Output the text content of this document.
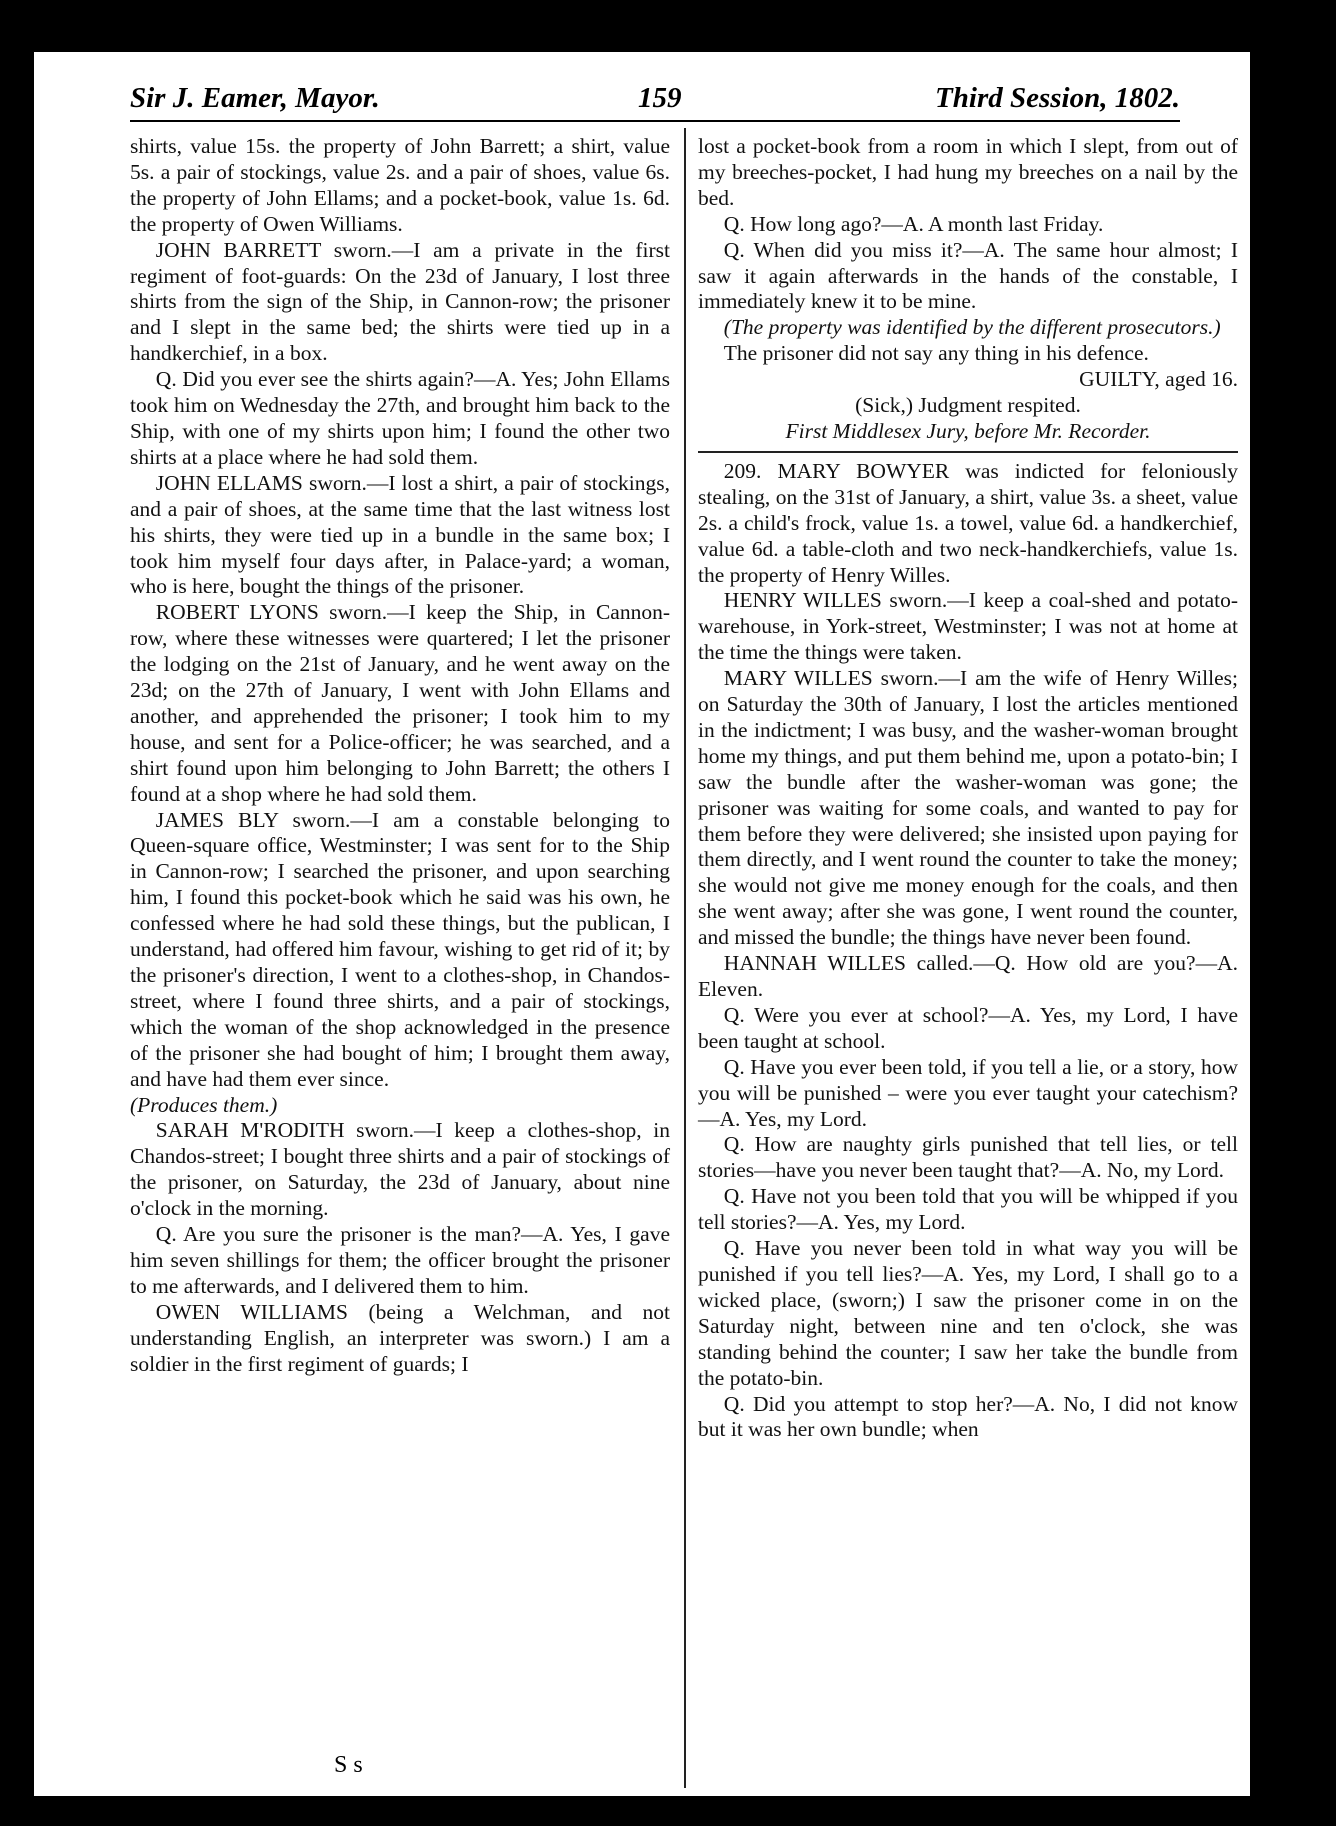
Sir J. Eamer, Mayor.	159	Third Session, 1802.

shirts, value 15s. the property of John Barrett; a shirt, value 5s. a pair of stockings, value 2s. and a pair of shoes, value 6s. the property of John Ellams; and a pocket-book, value 1s. 6d. the property of Owen Williams.

JOHN BARRETT sworn.—I am a private in the first regiment of foot-guards: On the 23d of January, I lost three shirts from the sign of the Ship, in Cannon-row; the prisoner and I slept in the same bed; the shirts were tied up in a handkerchief, in a box.

Q. Did you ever see the shirts again?—A. Yes; John Ellams took him on Wednesday the 27th, and brought him back to the Ship, with one of my shirts upon him; I found the other two shirts at a place where he had sold them.

JOHN ELLAMS sworn.—I lost a shirt, a pair of stockings, and a pair of shoes, at the same time that the last witness lost his shirts, they were tied up in a bundle in the same box; I took him myself four days after, in Palace-yard; a woman, who is here, bought the things of the prisoner.

ROBERT LYONS sworn.—I keep the Ship, in Cannon-row, where these witnesses were quartered; I let the prisoner the lodging on the 21st of January, and he went away on the 23d; on the 27th of January, I went with John Ellams and another, and apprehended the prisoner; I took him to my house, and sent for a Police-officer; he was searched, and a shirt found upon him belonging to John Barrett; the others I found at a shop where he had sold them.

JAMES BLY sworn.—I am a constable belonging to Queen-square office, Westminster; I was sent for to the Ship in Cannon-row; I searched the prisoner, and upon searching him, I found this pocket-book which he said was his own, he confessed where he had sold these things, but the publican, I understand, had offered him favour, wishing to get rid of it; by the prisoner's direction, I went to a clothes-shop, in Chandos-street, where I found three shirts, and a pair of stockings, which the woman of the shop acknowledged in the presence of the prisoner she had bought of him; I brought them away, and have had them ever since.

(Produces them.)

SARAH M'RODITH sworn.—I keep a clothes-shop, in Chandos-street; I bought three shirts and a pair of stockings of the prisoner, on Saturday, the 23d of January, about nine o'clock in the morning.

Q. Are you sure the prisoner is the man?—A. Yes, I gave him seven shillings for them; the officer brought the prisoner to me afterwards, and I delivered them to him.

OWEN WILLIAMS (being a Welchman, and not understanding English, an interpreter was sworn.) I am a soldier in the first regiment of guards; I

lost a pocket-book from a room in which I slept, from out of my breeches-pocket, I had hung my breeches on a nail by the bed.

Q. How long ago?—A. A month last Friday.

Q. When did you miss it?—A. The same hour almost; I saw it again afterwards in the hands of the constable, I immediately knew it to be mine.

(The property was identified by the different prosecutors.)

The prisoner did not say any thing in his defence.

GUILTY, aged 16.

(Sick,) Judgment respited.

First Middlesex Jury, before Mr. Recorder.

209. MARY BOWYER was indicted for feloniously stealing, on the 31st of January, a shirt, value 3s. a sheet, value 2s. a child's frock, value 1s. a towel, value 6d. a handkerchief, value 6d. a table-cloth and two neck-handkerchiefs, value 1s. the property of Henry Willes.

HENRY WILLES sworn.—I keep a coal-shed and potato-warehouse, in York-street, Westminster; I was not at home at the time the things were taken.

MARY WILLES sworn.—I am the wife of Henry Willes; on Saturday the 30th of January, I lost the articles mentioned in the indictment; I was busy, and the washer-woman brought home my things, and put them behind me, upon a potato-bin; I saw the bundle after the washer-woman was gone; the prisoner was waiting for some coals, and wanted to pay for them before they were delivered; she insisted upon paying for them directly, and I went round the counter to take the money; she would not give me money enough for the coals, and then she went away; after she was gone, I went round the counter, and missed the bundle; the things have never been found.

HANNAH WILLES called.—Q. How old are you?—A. Eleven.

Q. Were you ever at school?—A. Yes, my Lord, I have been taught at school.

Q. Have you ever been told, if you tell a lie, or a story, how you will be punished – were you ever taught your catechism?—A. Yes, my Lord.

Q. How are naughty girls punished that tell lies, or tell stories—have you never been taught that?—A. No, my Lord.

Q. Have not you been told that you will be whipped if you tell stories?—A. Yes, my Lord.

Q. Have you never been told in what way you will be punished if you tell lies?—A. Yes, my Lord, I shall go to a wicked place, (sworn;) I saw the prisoner come in on the Saturday night, between nine and ten o'clock, she was standing behind the counter; I saw her take the bundle from the potato-bin.

Q. Did you attempt to stop her?—A. No, I did not know but it was her own bundle; when

S s
